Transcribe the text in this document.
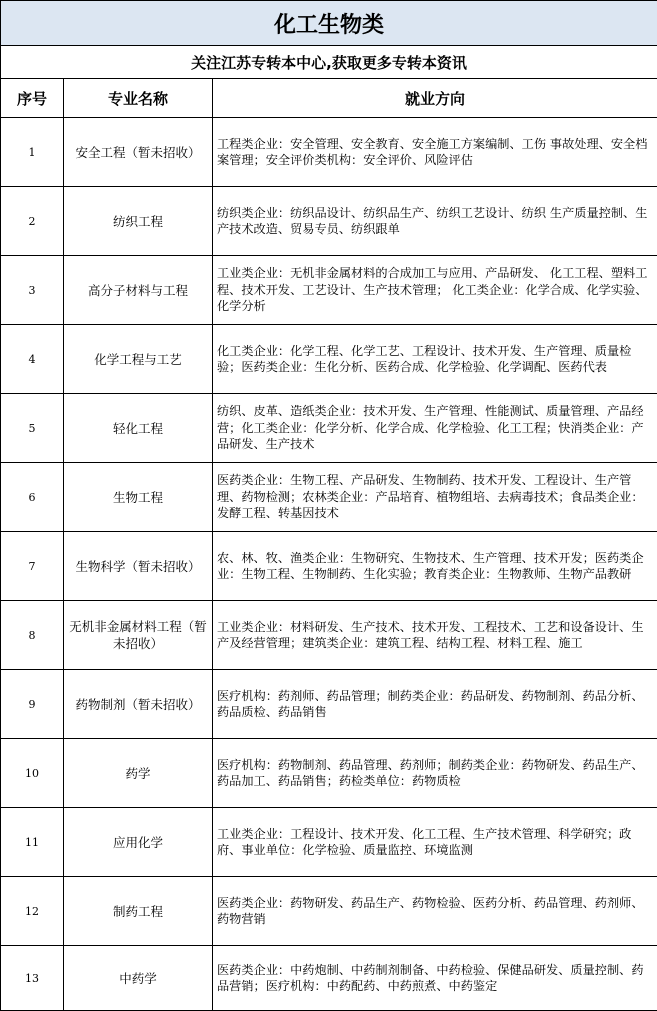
化工生物类		
关注江苏专转本中心,获取更多专转本资讯		
序号	专业名称	就业方向
1	安全工程（暂未招收）	工程类企业：安全管理、安全教育、安全施工方案编制、工伤 事故处理、安全档案管理；安全评价类机构：安全评价、风险评估
2	纺织工程	纺织类企业：纺织品设计、纺织品生产、纺织工艺设计、纺织 生产质量控制、生产技术改造、贸易专员、纺织跟单
3	高分子材料与工程	工业类企业：无机非金属材料的合成加工与应用、产品研发、 化工工程、塑料工程、技术开发、工艺设计、生产技术管理； 化工类企业：化学合成、化学实验、化学分析
4	化学工程与工艺	化工类企业：化学工程、化学工艺、工程设计、技术开发、生产管理、质量检验；医药类企业：生化分析、医药合成、化学检验、化学调配、医药代表
5	轻化工程	纺织、皮革、造纸类企业：技术开发、生产管理、性能测试、质量管理、产品经营；化工类企业：化学分析、化学合成、化学检验、化工工程；快消类企业：产品研发、生产技术
6	生物工程	医药类企业：生物工程、产品研发、生物制药、技术开发、工程设计、生产管理、药物检测；农林类企业：产品培育、植物组培、去病毒技术；食品类企业：发酵工程、转基因技术
7	生物科学（暂未招收）	农、林、牧、渔类企业：生物研究、生物技术、生产管理、技术开发；医药类企业：生物工程、生物制药、生化实验；教育类企业：生物教师、生物产品教研
8	无机非金属材料工程（暂未招收）	工业类企业：材料研发、生产技术、技术开发、工程技术、工艺和设备设计、生产及经营管理；建筑类企业：建筑工程、结构工程、材料工程、施工
9	药物制剂（暂未招收）	医疗机构：药剂师、药品管理；制药类企业：药品研发、药物制剂、药品分析、药品质检、药品销售
10	药学	医疗机构：药物制剂、药品管理、药剂师；制药类企业：药物研发、药品生产、药品加工、药品销售；药检类单位：药物质检
11	应用化学	工业类企业：工程设计、技术开发、化工工程、生产技术管理、科学研究；政府、事业单位：化学检验、质量监控、环境监测
12	制药工程	医药类企业：药物研发、药品生产、药物检验、医药分析、药品管理、药剂师、药物营销
13	中药学	医药类企业：中药炮制、中药制剂制备、中药检验、保健品研发、质量控制、药品营销；医疗机构：中药配药、中药煎煮、中药鉴定
